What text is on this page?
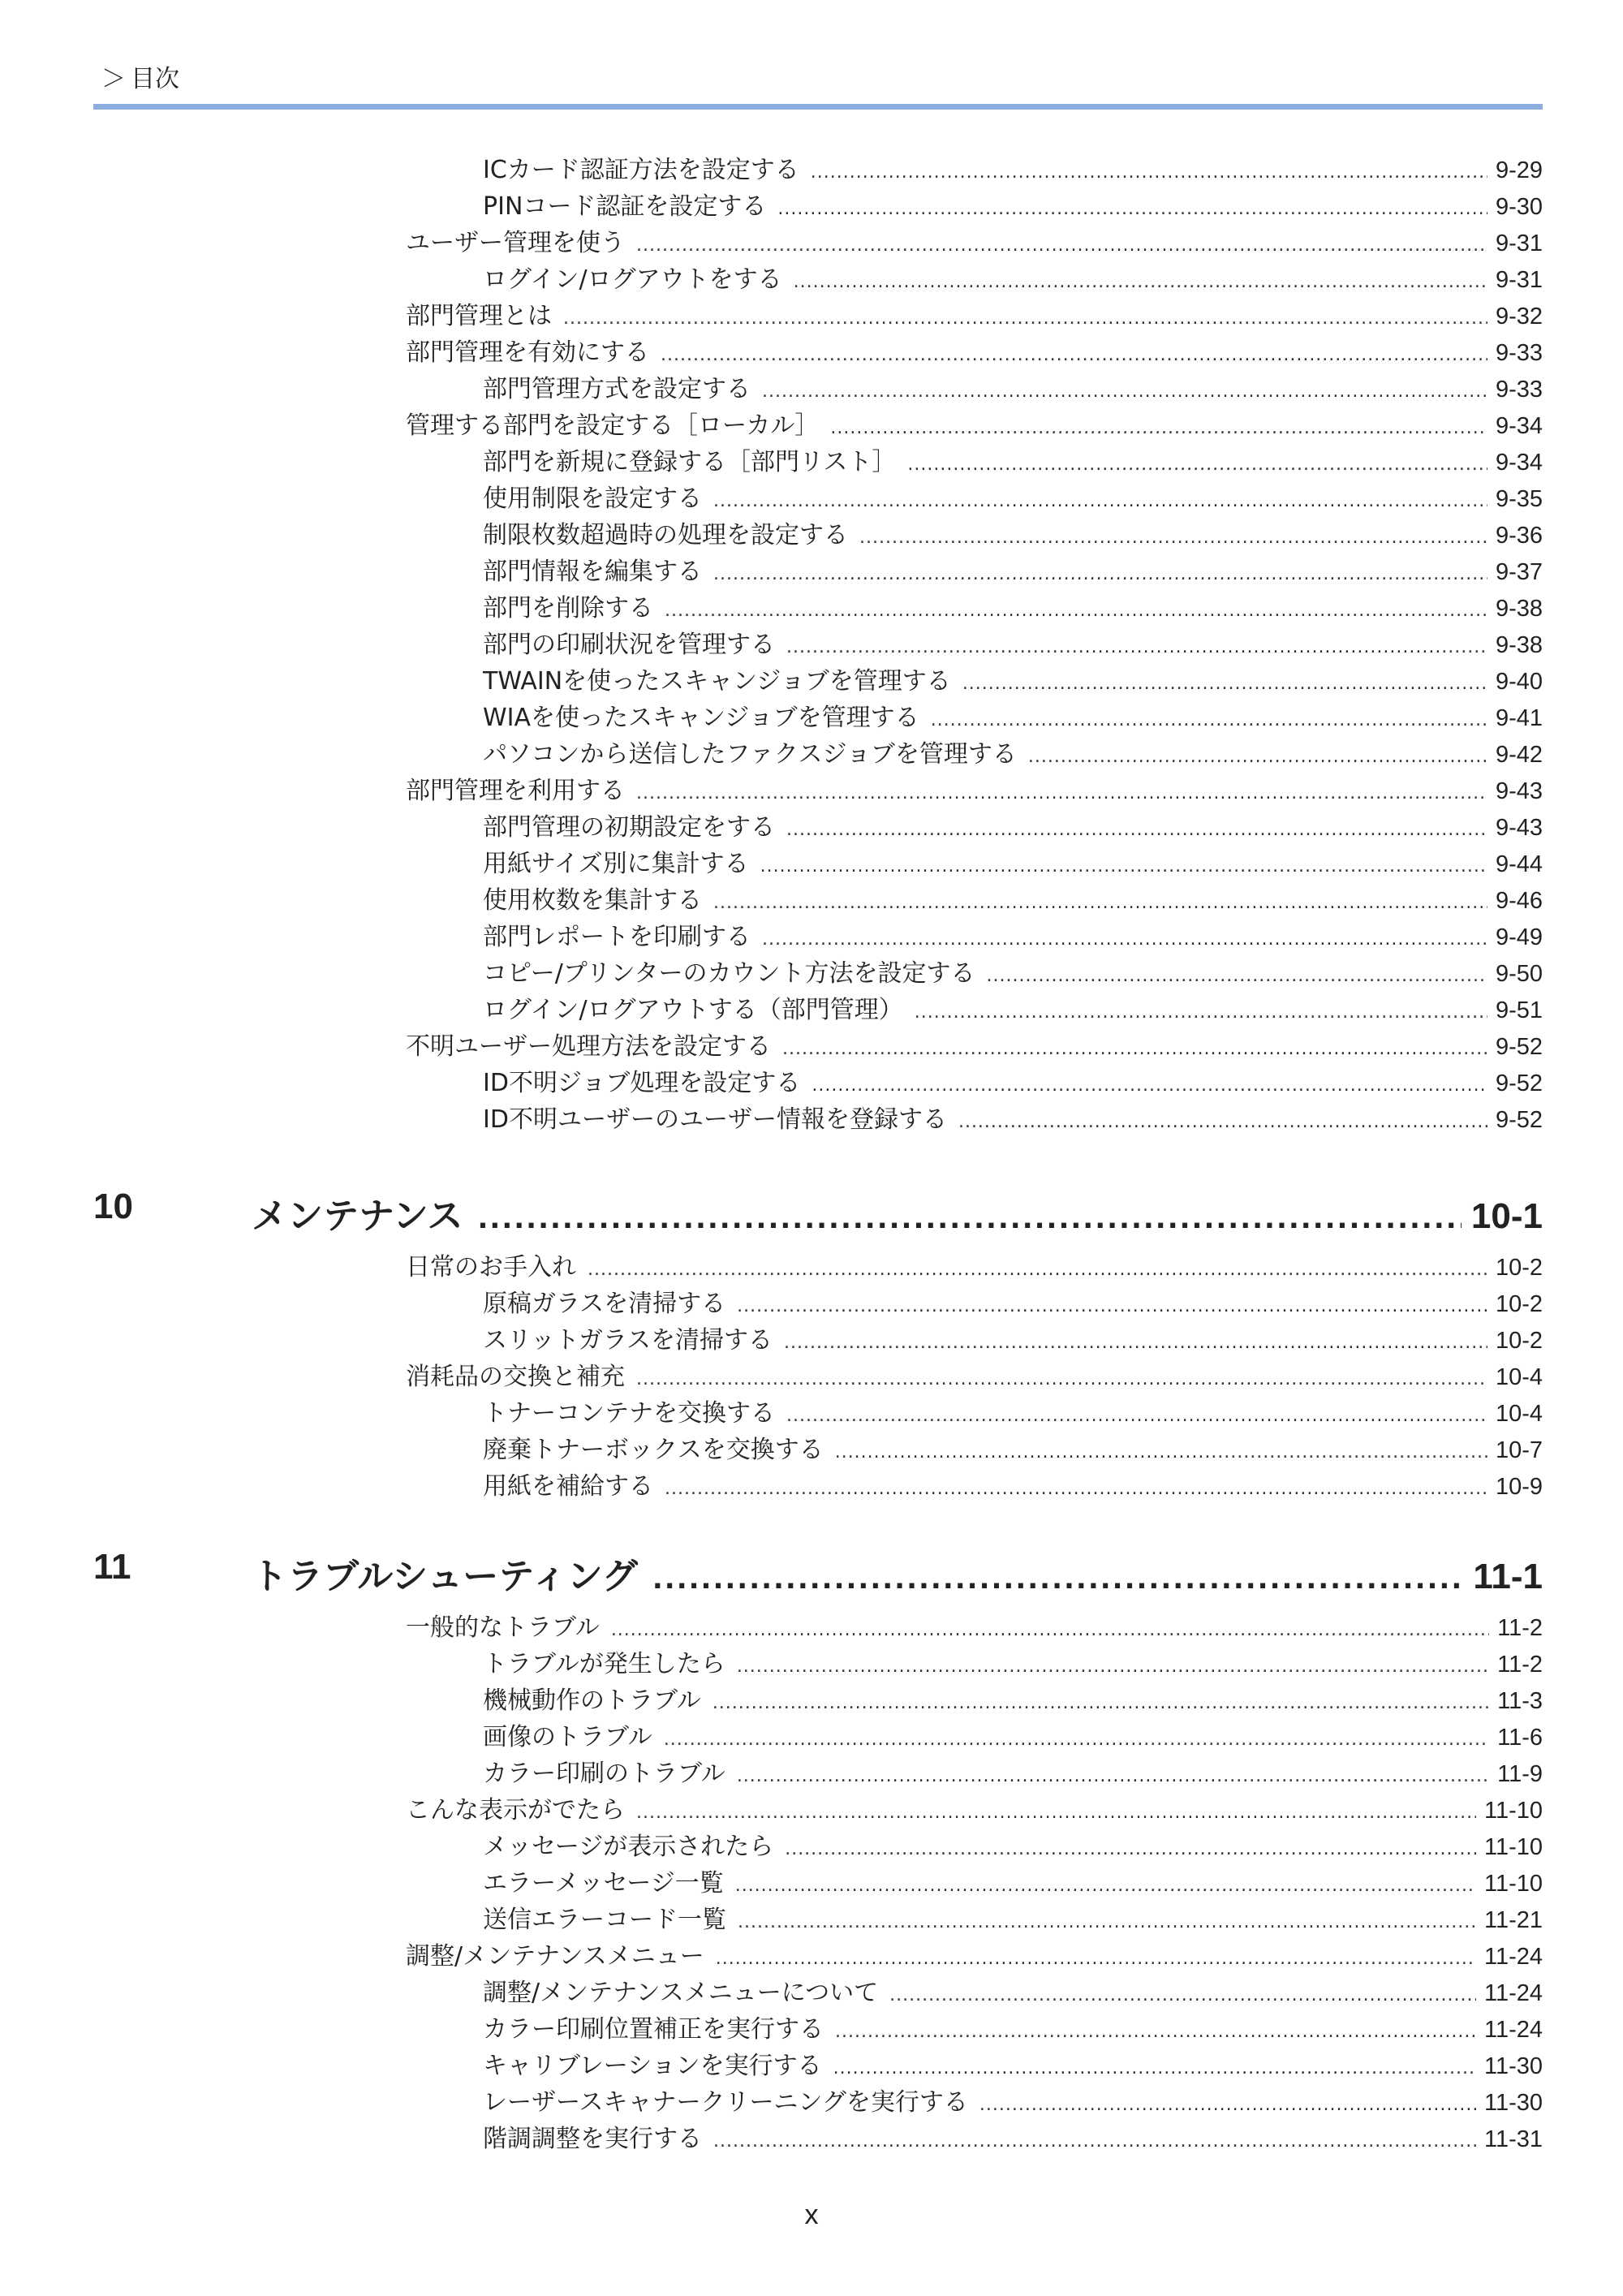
＞ 目次
ICカード認証方法を設定する .....	9-29
PINコード認証を設定する .....	9-30
ユーザー管理を使う .....	9-31
ログイン/ログアウトをする .....	9-31
部門管理とは .....	9-32
部門管理を有効にする .....	9-33
部門管理方式を設定する .....	9-33
管理する部門を設定する［ローカル］ .....	9-34
部門を新規に登録する［部門リスト］ .....	9-34
使用制限を設定する .....	9-35
制限枚数超過時の処理を設定する .....	9-36
部門情報を編集する .....	9-37
部門を削除する .....	9-38
部門の印刷状況を管理する .....	9-38
TWAINを使ったスキャンジョブを管理する .....	9-40
WIAを使ったスキャンジョブを管理する .....	9-41
パソコンから送信したファクスジョブを管理する .....	9-42
部門管理を利用する .....	9-43
部門管理の初期設定をする .....	9-43
用紙サイズ別に集計する .....	9-44
使用枚数を集計する .....	9-46
部門レポートを印刷する .....	9-49
コピー/プリンターのカウント方法を設定する .....	9-50
ログイン/ログアウトする（部門管理） .....	9-51
不明ユーザー処理方法を設定する .....	9-52
ID不明ジョブ処理を設定する .....	9-52
ID不明ユーザーのユーザー情報を登録する .....	9-52
10	メンテナンス .....	10-1
日常のお手入れ .....	10-2
原稿ガラスを清掃する .....	10-2
スリットガラスを清掃する .....	10-2
消耗品の交換と補充 .....	10-4
トナーコンテナを交換する .....	10-4
廃棄トナーボックスを交換する .....	10-7
用紙を補給する .....	10-9
11	トラブルシューティング .....	11-1
一般的なトラブル .....	11-2
トラブルが発生したら .....	11-2
機械動作のトラブル .....	11-3
画像のトラブル .....	11-6
カラー印刷のトラブル .....	11-9
こんな表示がでたら .....	11-10
メッセージが表示されたら .....	11-10
エラーメッセージ一覧 .....	11-10
送信エラーコード一覧 .....	11-21
調整/メンテナンスメニュー .....	11-24
調整/メンテナンスメニューについて .....	11-24
カラー印刷位置補正を実行する .....	11-24
キャリブレーションを実行する .....	11-30
レーザースキャナークリーニングを実行する .....	11-30
階調調整を実行する .....	11-31
x
